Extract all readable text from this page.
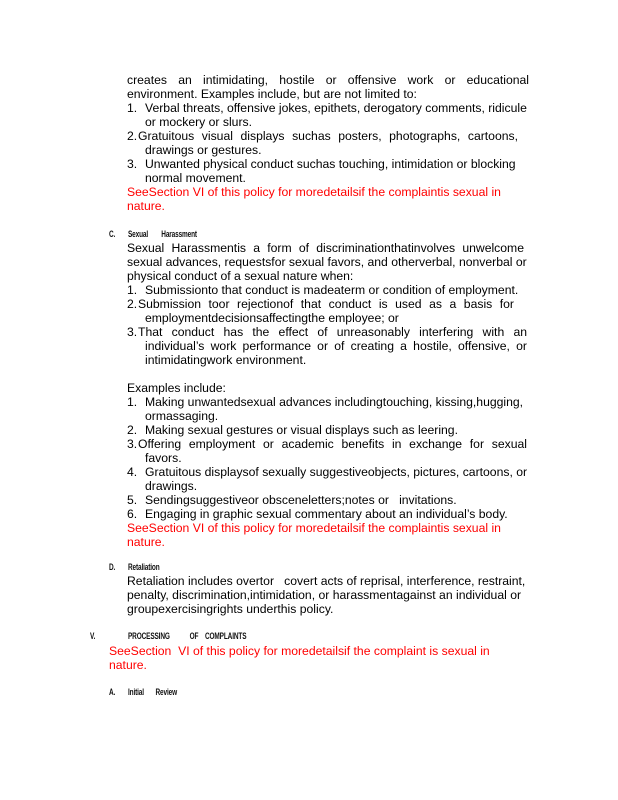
creates an intimidating, hostile or offensive work or educational
environment. Examples include, but are not limited to:
1. Verbal threats, offensive jokes, epithets, derogatory comments, ridicule
or mockery or slurs.
2. Gratuitous visual displays suchas posters, photographs, cartoons,
drawings or gestures.
3. Unwanted physical conduct suchas touching, intimidation or blocking
normal movement.
SeeSection VI of this policy for moredetailsif the complaintis sexual in
nature.
C. Sexual        Harassment
Sexual Harassmentis a form of discriminationthatinvolves unwelcome
sexual advances, requestsfor sexual favors, and otherverbal, nonverbal or
physical conduct of a sexual nature when:
1. Submissionto that conduct is madeaterm or condition of employment.
2. Submission toor rejectionof that conduct is used as a basis for
employmentdecisionsaffectingthe employee; or
3. That conduct has the effect of unreasonably interfering with an
individual’s work performance or of creating a hostile, offensive, or
intimidatingwork environment.
Examples include:
1. Making unwantedsexual advances includingtouching, kissing,hugging,
ormassaging.
2. Making sexual gestures or visual displays such as leering.
3. Offering employment or academic benefits in exchange for sexual
favors.
4. Gratuitous displaysof sexually suggestiveobjects, pictures, cartoons, or
drawings.
5. Sendingsuggestiveor obsceneletters;notes or   invitations.
6. Engaging in graphic sexual commentary about an individual’s body.
SeeSection VI of this policy for moredetailsif the complaintis sexual in
nature.
D. Retaliation
Retaliation includes overtor   covert acts of reprisal, interference, restraint,
penalty, discrimination,intimidation, or harassmentagainst an individual or
groupexercisingrights underthis policy.
V.	PROCESSING            OF    COMPLAINTS
SeeSection  VI of this policy for moredetailsif the complaint is sexual in
nature.
A. Initial       Review
